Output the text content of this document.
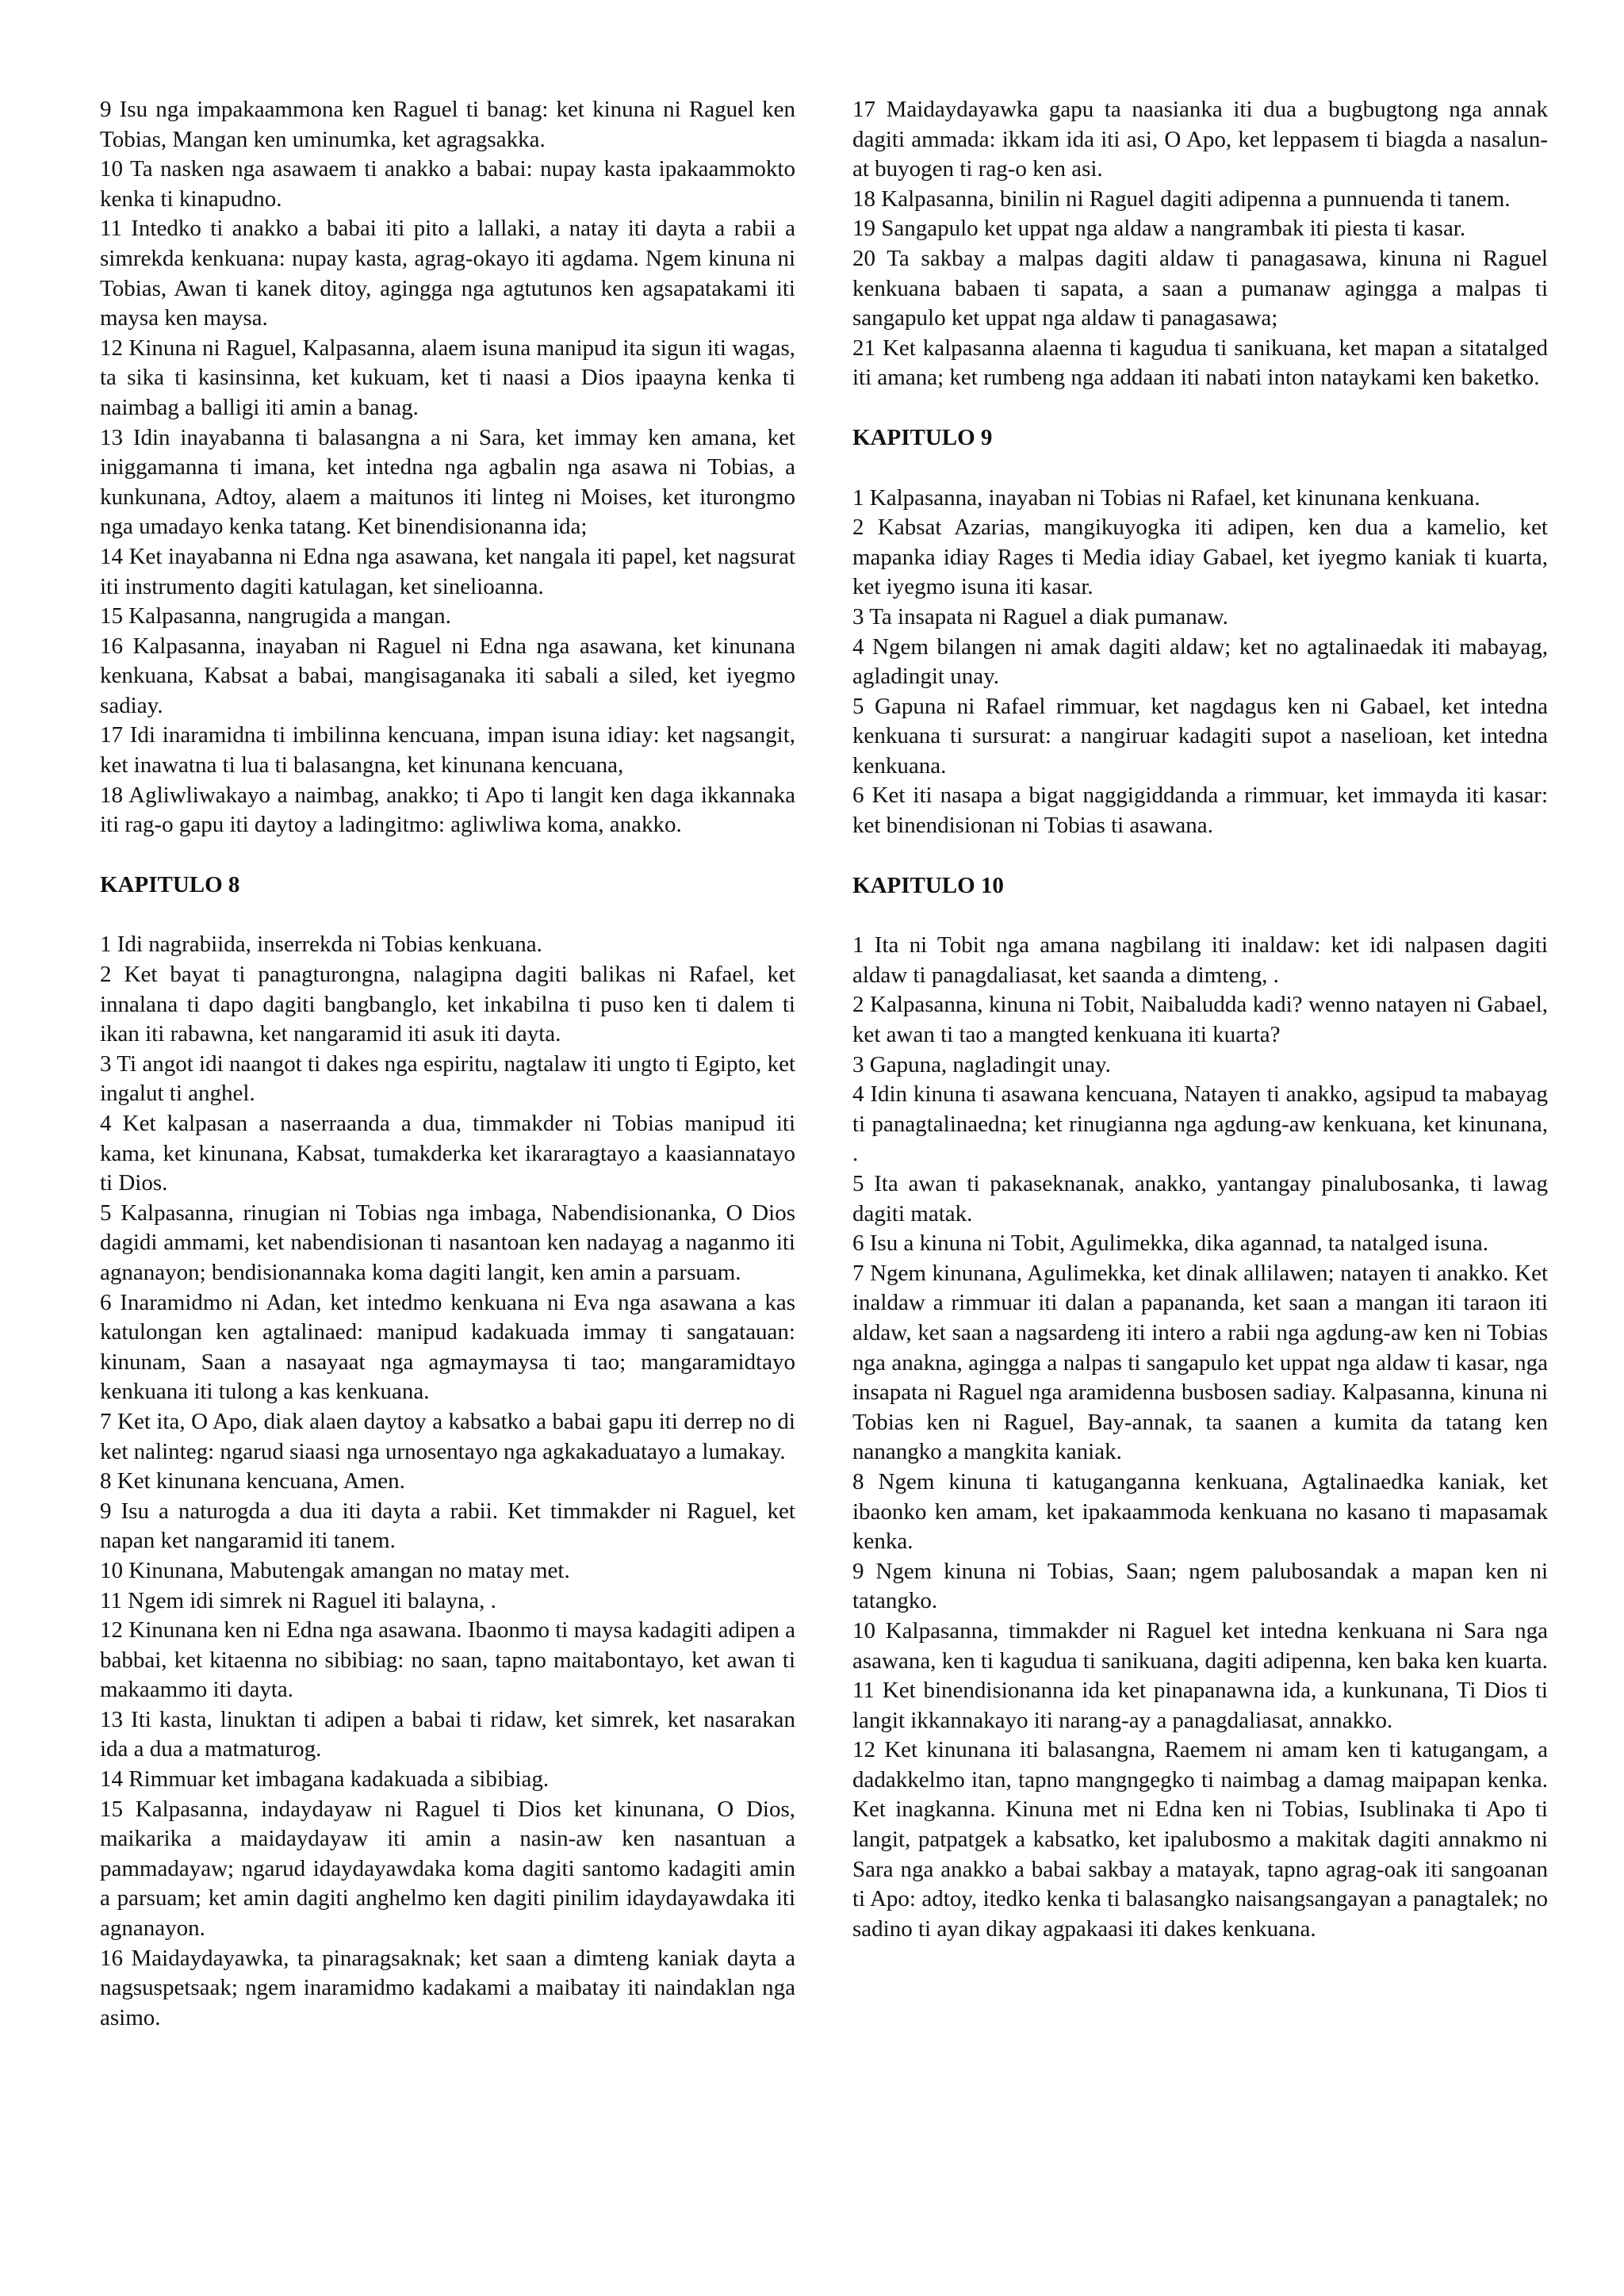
9 Isu nga impakaammona ken Raguel ti banag: ket kinuna ni Raguel ken Tobias, Mangan ken uminumka, ket agragsakka.

10 Ta nasken nga asawaem ti anakko a babai: nupay kasta ipakaammokto kenka ti kinapudno.

11 Intedko ti anakko a babai iti pito a lallaki, a natay iti dayta a rabii a simrekda kenkuana: nupay kasta, agrag-okayo iti agdama. Ngem kinuna ni Tobias, Awan ti kanek ditoy, agingga nga agtutunos ken agsapatakami iti maysa ken maysa.

12 Kinuna ni Raguel, Kalpasanna, alaem isuna manipud ita sigun iti wagas, ta sika ti kasinsinna, ket kukuam, ket ti naasi a Dios ipaayna kenka ti naimbag a balligi iti amin a banag.

13 Idin inayabanna ti balasangna a ni Sara, ket immay ken amana, ket iniggamanna ti imana, ket intedna nga agbalin nga asawa ni Tobias, a kunkunana, Adtoy, alaem a maitunos iti linteg ni Moises, ket iturongmo nga umadayo kenka tatang. Ket binendisionanna ida;

14 Ket inayabanna ni Edna nga asawana, ket nangala iti papel, ket nagsurat iti instrumento dagiti katulagan, ket sinelioanna.

15 Kalpasanna, nangrugida a mangan.

16 Kalpasanna, inayaban ni Raguel ni Edna nga asawana, ket kinunana kenkuana, Kabsat a babai, mangisaganaka iti sabali a siled, ket iyegmo sadiay.

17 Idi inaramidna ti imbilinna kencuana, impan isuna idiay: ket nagsangit, ket inawatna ti lua ti balasangna, ket kinunana kencuana,

18 Agliwliwakayo a naimbag, anakko; ti Apo ti langit ken daga ikkannaka iti rag-o gapu iti daytoy a ladingitmo: agliwliwa koma, anakko.

KAPITULO 8

1 Idi nagrabiida, inserrekda ni Tobias kenkuana.

2 Ket bayat ti panagturongna, nalagipna dagiti balikas ni Rafael, ket innalana ti dapo dagiti bangbanglo, ket inkabilna ti puso ken ti dalem ti ikan iti rabawna, ket nangaramid iti asuk iti dayta.

3 Ti angot idi naangot ti dakes nga espiritu, nagtalaw iti ungto ti Egipto, ket ingalut ti anghel.

4 Ket kalpasan a naserraanda a dua, timmakder ni Tobias manipud iti kama, ket kinunana, Kabsat, tumakderka ket ikararagtayo a kaasiannatayo ti Dios.

5 Kalpasanna, rinugian ni Tobias nga imbaga, Nabendisionanka, O Dios dagidi ammami, ket nabendisionan ti nasantoan ken nadayag a naganmo iti agnanayon; bendisionannaka koma dagiti langit, ken amin a parsuam.

6 Inaramidmo ni Adan, ket intedmo kenkuana ni Eva nga asawana a kas katulongan ken agtalinaed: manipud kadakuada immay ti sangatauan: kinunam, Saan a nasayaat nga agmaymaysa ti tao; mangaramidtayo kenkuana iti tulong a kas kenkuana.

7 Ket ita, O Apo, diak alaen daytoy a kabsatko a babai gapu iti derrep no di ket nalinteg: ngarud siaasi nga urnosentayo nga agkakaduatayo a lumakay.

8 Ket kinunana kencuana, Amen.

9 Isu a naturogda a dua iti dayta a rabii. Ket timmakder ni Raguel, ket napan ket nangaramid iti tanem.

10 Kinunana, Mabutengak amangan no matay met.

11 Ngem idi simrek ni Raguel iti balayna, .

12 Kinunana ken ni Edna nga asawana. Ibaonmo ti maysa kadagiti adipen a babbai, ket kitaenna no sibibiag: no saan, tapno maitabontayo, ket awan ti makaammo iti dayta.

13 Iti kasta, linuktan ti adipen a babai ti ridaw, ket simrek, ket nasarakan ida a dua a matmaturog.

14 Rimmuar ket imbagana kadakuada a sibibiag.

15 Kalpasanna, indaydayaw ni Raguel ti Dios ket kinunana, O Dios, maikarika a maidaydayaw iti amin a nasin-aw ken nasantuan a pammadayaw; ngarud idaydayawdaka koma dagiti santomo kadagiti amin a parsuam; ket amin dagiti anghelmo ken dagiti pinilim idaydayawdaka iti agnanayon.

16 Maidaydayawka, ta pinaragsaknak; ket saan a dimteng kaniak dayta a nagsuspetsaak; ngem inaramidmo kadakami a maibatay iti naindaklan nga asimo.

17 Maidaydayawka gapu ta naasianka iti dua a bugbugtong nga annak dagiti ammada: ikkam ida iti asi, O Apo, ket leppasem ti biagda a nasalun-at buyogen ti rag-o ken asi.

18 Kalpasanna, binilin ni Raguel dagiti adipenna a punnuenda ti tanem.

19 Sangapulo ket uppat nga aldaw a nangrambak iti piesta ti kasar.

20 Ta sakbay a malpas dagiti aldaw ti panagasawa, kinuna ni Raguel kenkuana babaen ti sapata, a saan a pumanaw agingga a malpas ti sangapulo ket uppat nga aldaw ti panagasawa;

21 Ket kalpasanna alaenna ti kagudua ti sanikuana, ket mapan a sitatalged iti amana; ket rumbeng nga addaan iti nabati inton nataykami ken baketko.

KAPITULO 9

1 Kalpasanna, inayaban ni Tobias ni Rafael, ket kinunana kenkuana.

2 Kabsat Azarias, mangikuyogka iti adipen, ken dua a kamelio, ket mapanka idiay Rages ti Media idiay Gabael, ket iyegmo kaniak ti kuarta, ket iyegmo isuna iti kasar.

3 Ta insapata ni Raguel a diak pumanaw.

4 Ngem bilangen ni amak dagiti aldaw; ket no agtalinaedak iti mabayag, agladingit unay.

5 Gapuna ni Rafael rimmuar, ket nagdagus ken ni Gabael, ket intedna kenkuana ti sursurat: a nangiruar kadagiti supot a naselioan, ket intedna kenkuana.

6 Ket iti nasapa a bigat naggigiddanda a rimmuar, ket immayda iti kasar: ket binendisionan ni Tobias ti asawana.

KAPITULO 10

1 Ita ni Tobit nga amana nagbilang iti inaldaw: ket idi nalpasen dagiti aldaw ti panagdaliasat, ket saanda a dimteng, .

2 Kalpasanna, kinuna ni Tobit, Naibaludda kadi? wenno natayen ni Gabael, ket awan ti tao a mangted kenkuana iti kuarta?

3 Gapuna, nagladingit unay.

4 Idin kinuna ti asawana kencuana, Natayen ti anakko, agsipud ta mabayag ti panagtalinaedna; ket rinugianna nga agdung-aw kenkuana, ket kinunana, .

5 Ita awan ti pakaseknanak, anakko, yantangay pinalubosanka, ti lawag dagiti matak.

6 Isu a kinuna ni Tobit, Agulimekka, dika agannad, ta natalged isuna.

7 Ngem kinunana, Agulimekka, ket dinak allilawen; natayen ti anakko. Ket inaldaw a rimmuar iti dalan a papananda, ket saan a mangan iti taraon iti aldaw, ket saan a nagsardeng iti intero a rabii nga agdung-aw ken ni Tobias nga anakna, agingga a nalpas ti sangapulo ket uppat nga aldaw ti kasar, nga insapata ni Raguel nga aramidenna busbosen sadiay. Kalpasanna, kinuna ni Tobias ken ni Raguel, Bay-annak, ta saanen a kumita da tatang ken nanangko a mangkita kaniak.

8 Ngem kinuna ti katuganganna kenkuana, Agtalinaedka kaniak, ket ibaonko ken amam, ket ipakaammoda kenkuana no kasano ti mapasamak kenka.

9 Ngem kinuna ni Tobias, Saan; ngem palubosandak a mapan ken ni tatangko.

10 Kalpasanna, timmakder ni Raguel ket intedna kenkuana ni Sara nga asawana, ken ti kagudua ti sanikuana, dagiti adipenna, ken baka ken kuarta.

11 Ket binendisionanna ida ket pinapanawna ida, a kunkunana, Ti Dios ti langit ikkannakayo iti narang-ay a panagdaliasat, annakko.

12 Ket kinunana iti balasangna, Raemem ni amam ken ti katugangam, a dadakkelmo itan, tapno mangngegko ti naimbag a damag maipapan kenka. Ket inagkanna. Kinuna met ni Edna ken ni Tobias, Isublinaka ti Apo ti langit, patpatgek a kabsatko, ket ipalubosmo a makitak dagiti annakmo ni Sara nga anakko a babai sakbay a matayak, tapno agrag-oak iti sangoanan ti Apo: adtoy, itedko kenka ti balasangko naisangsangayan a panagtalek; no sadino ti ayan dikay agpakaasi iti dakes kenkuana.
